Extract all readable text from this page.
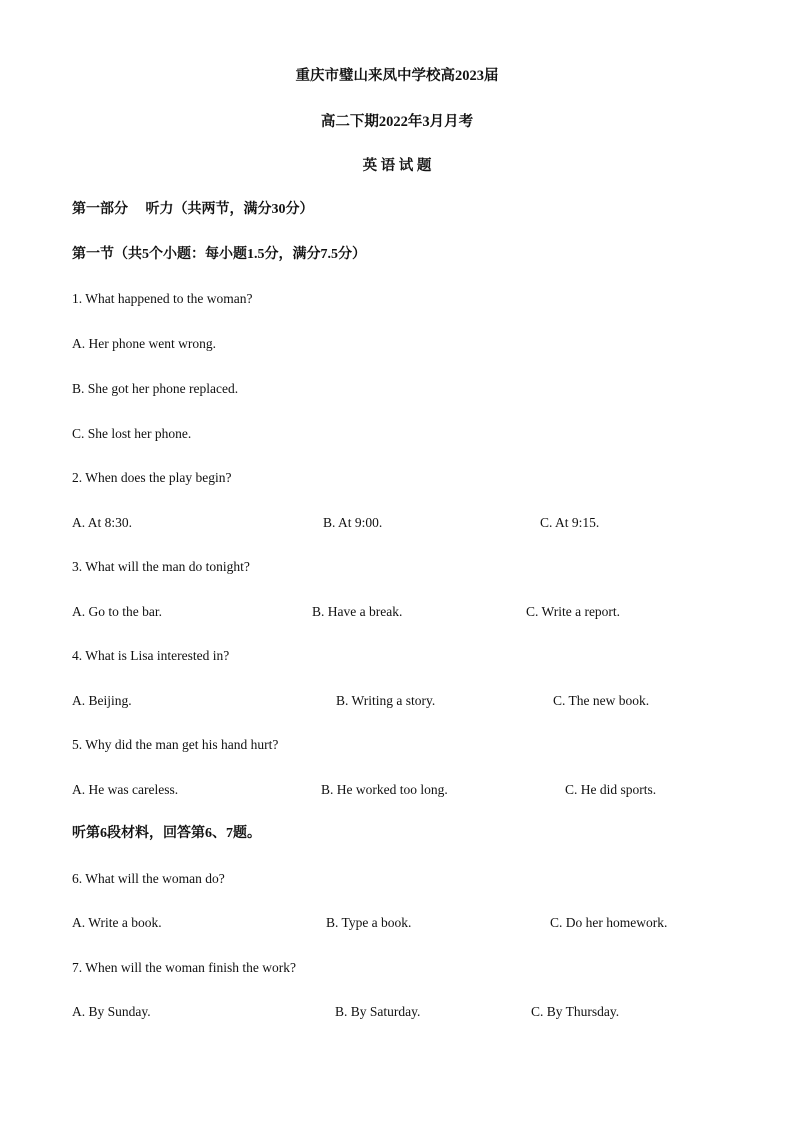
重庆市璧山来凤中学校高2023届
高二下期2022年3月月考
英 语 试 题
第一部分　 听力（共两节，满分30分）
第一节（共5个小题：每小题1.5分，满分7.5分）
1. What happened to the woman?
A. Her phone went wrong.
B. She got her phone replaced.
C. She lost her phone.
2. When does the play begin?
A. At 8:30.	B. At 9:00.	C. At 9:15.
3. What will the man do tonight?
A. Go to the bar.	B. Have a break.	C. Write a report.
4. What is Lisa interested in?
A. Beijing.	B. Writing a story.	C. The new book.
5. Why did the man get his hand hurt?
A. He was careless.	B. He worked too long.	C. He did sports.
听第6段材料，回答第6、7题。
6. What will the woman do?
A. Write a book.	B. Type a book.	C. Do her homework.
7. When will the woman finish the work?
A. By Sunday.	B. By Saturday.	C. By Thursday.
